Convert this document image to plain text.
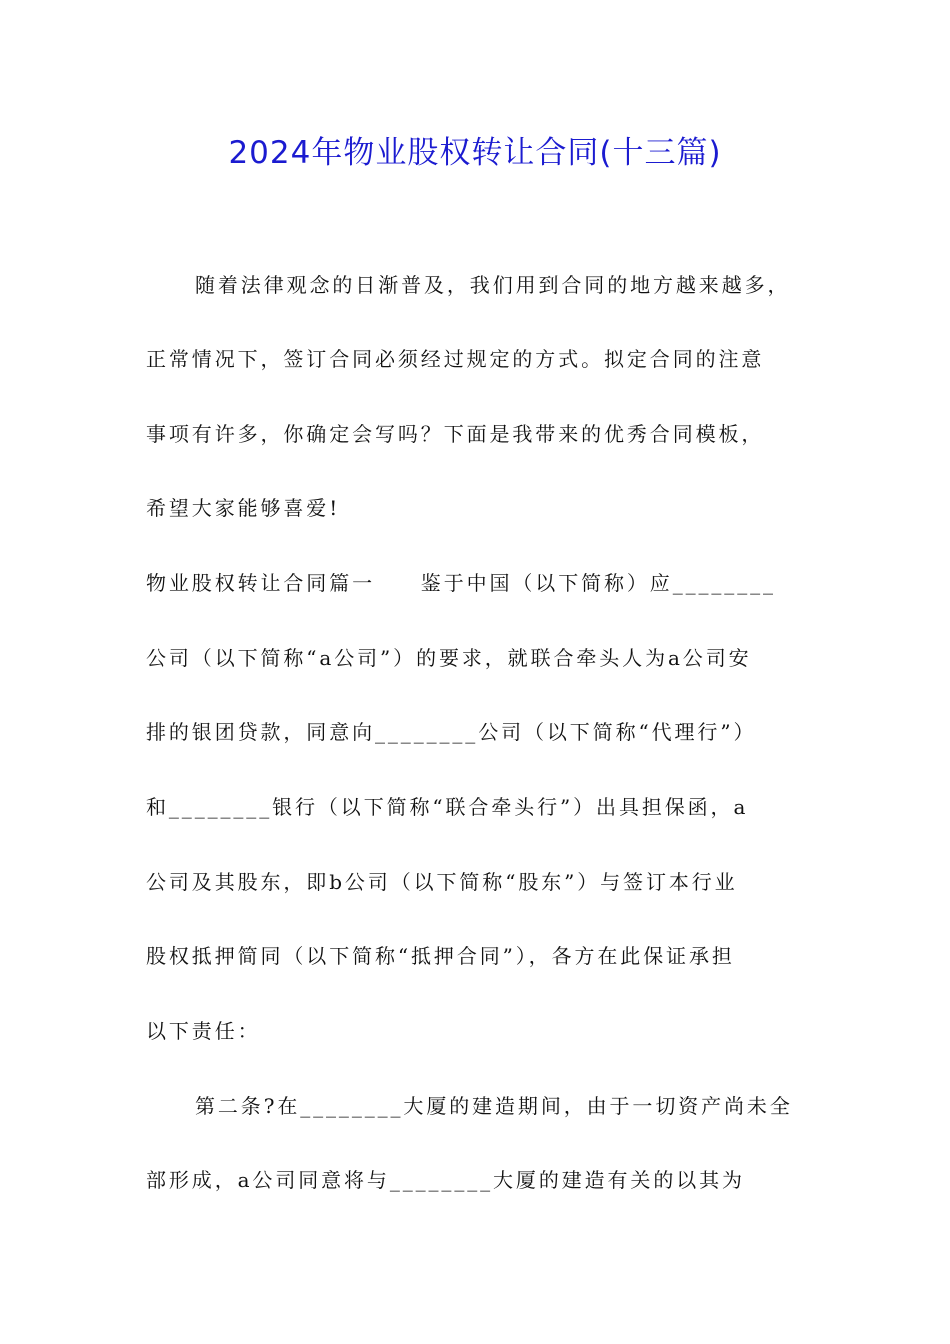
2024年物业股权转让合同(十三篇)
随着法律观念的日渐普及，我们用到合同的地方越来越多，
正常情况下，签订合同必须经过规定的方式。拟定合同的注意
事项有许多，你确定会写吗？下面是我带来的优秀合同模板，
希望大家能够喜爱!
物业股权转让合同篇一　　鉴于中国（以下简称）应________
公司（以下简称“a公司”）的要求，就联合牵头人为a公司安
排的银团贷款，同意向________公司（以下简称“代理行”）
和________银行（以下简称“联合牵头行”）出具担保函，a
公司及其股东，即b公司（以下简称“股东”）与签订本行业
股权抵押简同（以下简称“抵押合同”），各方在此保证承担
以下责任：
第二条?在________大厦的建造期间，由于一切资产尚未全
部形成，a公司同意将与________大厦的建造有关的以其为
